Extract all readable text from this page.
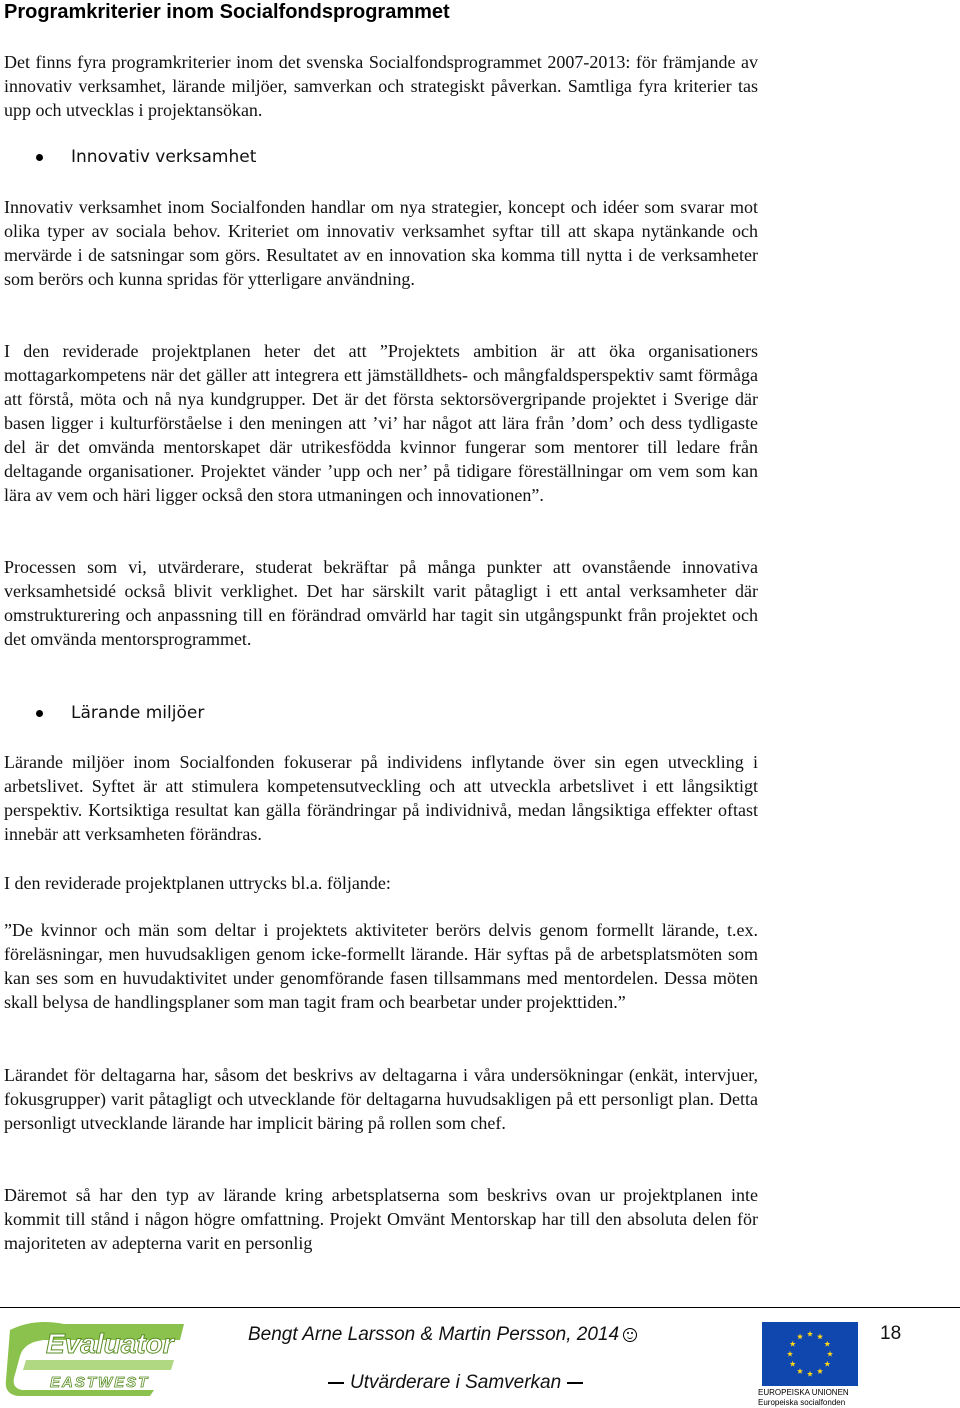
Programkriterier inom Socialfondsprogrammet

Det finns fyra programkriterier inom det svenska Socialfondsprogrammet 2007-2013: för främjande av innovativ verksamhet, lärande miljöer, samverkan och strategiskt påverkan. Samtliga fyra kriterier tas upp och utvecklas i projektansökan.

Innovativ verksamhet

Innovativ verksamhet inom Socialfonden handlar om nya strategier, koncept och idéer som svarar mot olika typer av sociala behov. Kriteriet om innovativ verksamhet syftar till att skapa nytänkande och mervärde i de satsningar som görs. Resultatet av en innovation ska komma till nytta i de verksamheter som berörs och kunna spridas för ytterligare användning.

I den reviderade projektplanen heter det att ”Projektets ambition är att öka organisationers mottagarkompetens när det gäller att integrera ett jämställdhets- och mångfaldsperspektiv samt förmåga att förstå, möta och nå nya kundgrupper. Det är det första sektorsövergripande projektet i Sverige där basen ligger i kulturförståelse i den meningen att ’vi’ har något att lära från ’dom’ och dess tydligaste del är det omvända mentorskapet där utrikesfödda kvinnor fungerar som mentorer till ledare från deltagande organisationer. Projektet vänder ’upp och ner’ på tidigare föreställningar om vem som kan lära av vem och häri ligger också den stora utmaningen och innovationen”.

Processen som vi, utvärderare, studerat bekräftar på många punkter att ovanstående innovativa verksamhetsidé också blivit verklighet. Det har särskilt varit påtagligt i ett antal verksamheter där omstrukturering och anpassning till en förändrad omvärld har tagit sin utgångspunkt från projektet och det omvända mentorsprogrammet.

Lärande miljöer

Lärande miljöer inom Socialfonden fokuserar på individens inflytande över sin egen utveckling i arbetslivet. Syftet är att stimulera kompetensutveckling och att utveckla arbetslivet i ett långsiktigt perspektiv. Kortsiktiga resultat kan gälla förändringar på individnivå, medan långsiktiga effekter oftast innebär att verksamheten förändras.

I den reviderade projektplanen uttrycks bl.a. följande:

”De kvinnor och män som deltar i projektets aktiviteter berörs delvis genom formellt lärande, t.ex. föreläsningar, men huvudsakligen genom icke-formellt lärande. Här syftas på de arbetsplatsmöten som kan ses som en huvudaktivitet under genomförande fasen tillsammans med mentordelen. Dessa möten skall belysa de handlingsplaner som man tagit fram och bearbetar under projekttiden.”

Lärandet för deltagarna har, såsom det beskrivs av deltagarna i våra undersökningar (enkät, intervjuer, fokusgrupper) varit påtagligt och utvecklande för deltagarna huvudsakligen på ett personligt plan. Detta personligt utvecklande lärande har implicit bäring på rollen som chef.

Däremot så har den typ av lärande kring arbetsplatserna som beskrivs ovan ur projektplanen inte kommit till stånd i någon högre omfattning. Projekt Omvänt Mentorskap har till den absoluta delen för majoriteten av adepterna varit en personlig

Evaluator
EASTWEST
Bengt Arne Larsson & Martin Persson, 2014
Utvärderare i Samverkan	EUROPEISKA UNIONEN
Europeiska socialfonden
18
